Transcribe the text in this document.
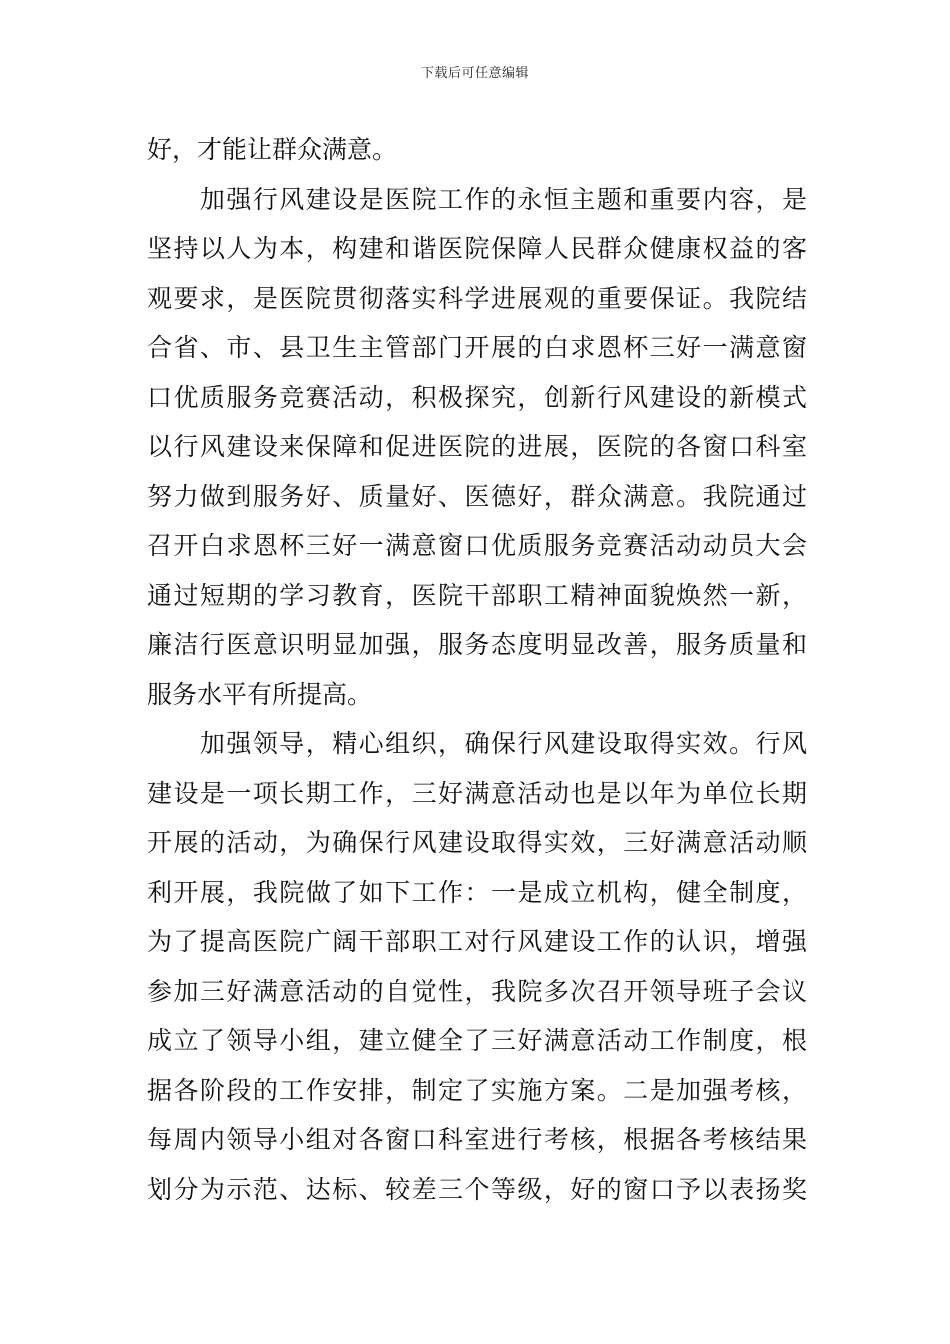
下载后可任意编辑
好，才能让群众满意。
　　加强行风建设是医院工作的永恒主题和重要内容，是
坚持以人为本，构建和谐医院保障人民群众健康权益的客
观要求，是医院贯彻落实科学进展观的重要保证。我院结
合省、市、县卫生主管部门开展的白求恩杯三好一满意窗
口优质服务竞赛活动，积极探究，创新行风建设的新模式
以行风建设来保障和促进医院的进展，医院的各窗口科室
努力做到服务好、质量好、医德好，群众满意。我院通过
召开白求恩杯三好一满意窗口优质服务竞赛活动动员大会
通过短期的学习教育，医院干部职工精神面貌焕然一新，
廉洁行医意识明显加强，服务态度明显改善，服务质量和
服务水平有所提高。
　　加强领导，精心组织，确保行风建设取得实效。行风
建设是一项长期工作，三好满意活动也是以年为单位长期
开展的活动，为确保行风建设取得实效，三好满意活动顺
利开展，我院做了如下工作：一是成立机构，健全制度，
为了提高医院广阔干部职工对行风建设工作的认识，增强
参加三好满意活动的自觉性，我院多次召开领导班子会议
成立了领导小组，建立健全了三好满意活动工作制度，根
据各阶段的工作安排，制定了实施方案。二是加强考核，
每周内领导小组对各窗口科室进行考核，根据各考核结果
划分为示范、达标、较差三个等级，好的窗口予以表扬奖
